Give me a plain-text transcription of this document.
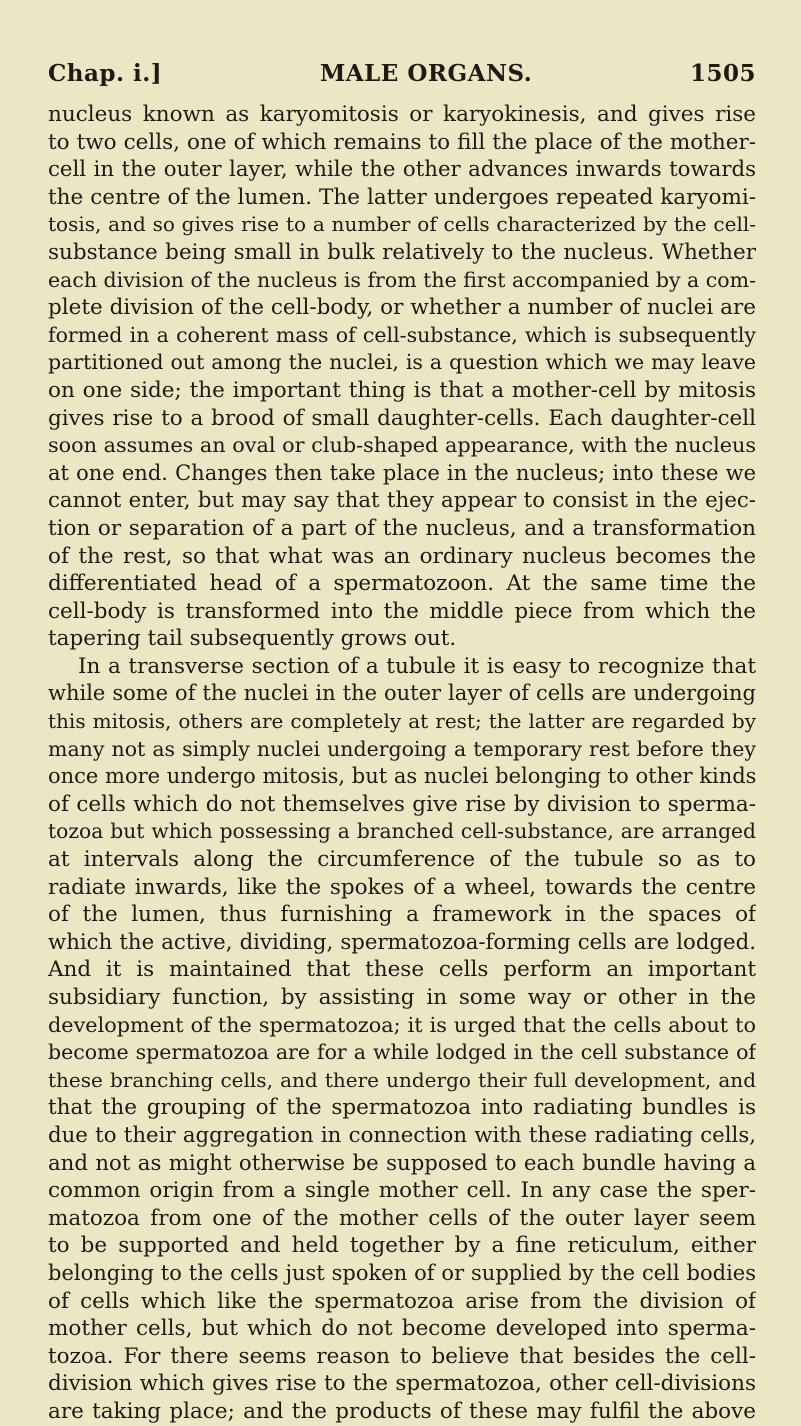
Chap. i.]	MALE ORGANS.	1505
nucleus known as karyomitosis or karyokinesis, and gives rise
to two cells, one of which remains to fill the place of the mother-
cell in the outer layer, while the other advances inwards towards
the centre of the lumen. The latter undergoes repeated karyomi-
tosis, and so gives rise to a number of cells characterized by the cell-
substance being small in bulk relatively to the nucleus. Whether
each division of the nucleus is from the first accompanied by a com-
plete division of the cell-body, or whether a number of nuclei are
formed in a coherent mass of cell-substance, which is subsequently
partitioned out among the nuclei, is a question which we may leave
on one side; the important thing is that a mother-cell by mitosis
gives rise to a brood of small daughter-cells. Each daughter-cell
soon assumes an oval or club-shaped appearance, with the nucleus
at one end. Changes then take place in the nucleus; into these we
cannot enter, but may say that they appear to consist in the ejec-
tion or separation of a part of the nucleus, and a transformation
of the rest, so that what was an ordinary nucleus becomes the
differentiated head of a spermatozoon. At the same time the
cell-body is transformed into the middle piece from which the
tapering tail subsequently grows out.
In a transverse section of a tubule it is easy to recognize that
while some of the nuclei in the outer layer of cells are undergoing
this mitosis, others are completely at rest; the latter are regarded by
many not as simply nuclei undergoing a temporary rest before they
once more undergo mitosis, but as nuclei belonging to other kinds
of cells which do not themselves give rise by division to sperma-
tozoa but which possessing a branched cell-substance, are arranged
at intervals along the circumference of the tubule so as to
radiate inwards, like the spokes of a wheel, towards the centre
of the lumen, thus furnishing a framework in the spaces of
which the active, dividing, spermatozoa-forming cells are lodged.
And it is maintained that these cells perform an important
subsidiary function, by assisting in some way or other in the
development of the spermatozoa; it is urged that the cells about to
become spermatozoa are for a while lodged in the cell substance of
these branching cells, and there undergo their full development, and
that the grouping of the spermatozoa into radiating bundles is
due to their aggregation in connection with these radiating cells,
and not as might otherwise be supposed to each bundle having a
common origin from a single mother cell. In any case the sper-
matozoa from one of the mother cells of the outer layer seem
to be supported and held together by a fine reticulum, either
belonging to the cells just spoken of or supplied by the cell bodies
of cells which like the spermatozoa arise from the division of
mother cells, but which do not become developed into sperma-
tozoa. For there seems reason to believe that besides the cell-
division which gives rise to the spermatozoa, other cell-divisions
are taking place; and the products of these may fulfil the above
